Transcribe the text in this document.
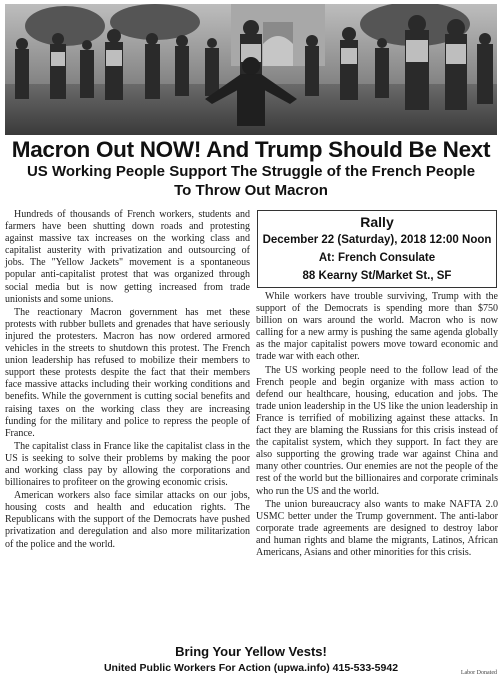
Macron Out NOW! And Trump Should Be Next
US Working People Support The Struggle of the French People
To Throw Out Macron

Hundreds of thousands of French workers, students and farmers have been shutting down roads and protesting against massive tax increases on the working class and capitalist austerity with privatization and outsourcing of jobs. The "Yellow Jackets" movement is a spontaneous popular anti-capitalist protest that was organized through social media but is now getting increased from trade unionists and some unions.

The reactionary Macron government has met these protests with rubber bullets and grenades that have seriously injured the protesters. Macron has now ordered armored vehicles in the streets to shutdown this protest. The French union leadership has refused to mobilize their members to support these protests despite the fact that their members face massive attacks including their working conditions and benefits. While the government is cutting social benefits and raising taxes on the working class they are increasing funding for the military and police to repress the people of France.

The capitalist class in France like the capitalist class in the US is seeking to solve their problems by making the poor and working class pay by allowing the corporations and billionaires to profiteer on the growing economic crisis.

American workers also face similar attacks on our jobs, housing costs and health and education rights. The Republicans with the support of the Democrats have pushed privatization and deregulation and also more militarization of the police and the world.

Rally
December 22 (Saturday), 2018 12:00 Noon
At: French Consulate
88 Kearny St/Market St., SF

While workers have trouble surviving, Trump with the support of the Democrats is spending more than $750 billion on wars around the world. Macron who is now calling for a new army is pushing the same agenda globally as the major capitalist powers move toward economic and trade war with each other.

The US working people need to the follow lead of the French people and begin organize with mass action to defend our healthcare, housing, education and jobs. The trade union leadership in the US like the union leadership in France is terrified of mobilizing against these attacks. In fact they are blaming the Russians for this crisis instead of the capitalist system, which they support. In fact they are also supporting the growing trade war against China and many other countries. Our enemies are not the people of the rest of the world but the billionaires and corporate criminals who run the US and the world.

The union bureaucracy also wants to make NAFTA 2.0 USMC better under the Trump government. The anti-labor corporate trade agreements are designed to destroy labor and human rights and blame the migrants, Latinos, African Americans, Asians and other minorities for this crisis.

Bring Your Yellow Vests!
United Public Workers For Action (upwa.info) 415-533-5942	Labor Donated
